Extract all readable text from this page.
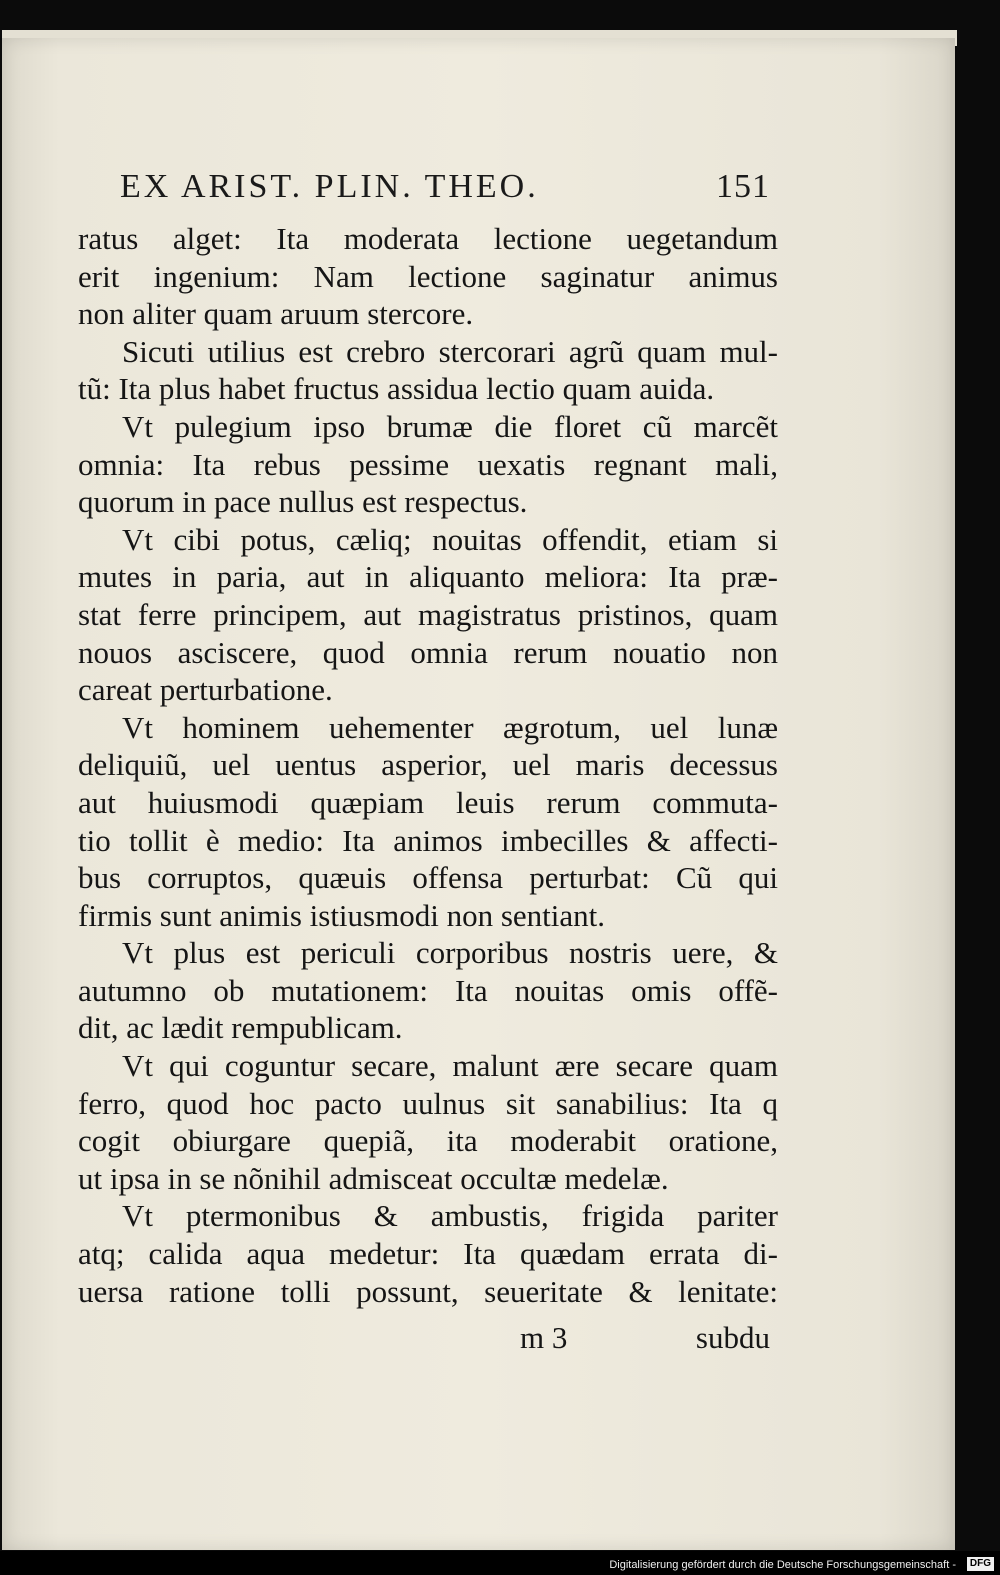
EX ARIST. PLIN. THEO.	151
ratus alget: Ita moderata lectione uegetandum
erit ingenium: Nam lectione saginatur animus
non aliter quam aruum stercore.
Sicuti utilius est crebro stercorari agrũ quam mul-
tũ: Ita plus habet fructus assidua lectio quam auida.
Vt pulegium ipso brumæ die floret cũ marcẽt
omnia: Ita rebus pessime uexatis regnant mali,
quorum in pace nullus est respectus.
Vt cibi potus, cæliq; nouitas offendit, etiam si
mutes in paria, aut in aliquanto meliora: Ita præ-
stat ferre principem, aut magistratus pristinos, quam
nouos asciscere, quod omnia rerum nouatio non
careat perturbatione.
Vt hominem uehementer ægrotum, uel lunæ
deliquiũ, uel uentus asperior, uel maris decessus
aut huiusmodi quæpiam leuis rerum commuta-
tio tollit è medio: Ita animos imbecilles & affecti-
bus corruptos, quæuis offensa perturbat: Cũ qui
firmis sunt animis istiusmodi non sentiant.
Vt plus est periculi corporibus nostris uere, &
autumno ob mutationem: Ita nouitas omis offẽ-
dit, ac lædit rempublicam.
Vt qui coguntur secare, malunt ære secare quam
ferro, quod hoc pacto uulnus sit sanabilius: Ita q
cogit obiurgare quepiã, ita moderabit oratione,
ut ipsa in se nõnihil admisceat occultæ medelæ.
Vt ptermonibus & ambustis, frigida pariter
atq; calida aqua medetur: Ita quædam errata di-
uersa ratione tolli possunt, seueritate & lenitate:
m 3	subdu
Digitalisierung gefördert durch die Deutsche Forschungsgemeinschaft -	DFG
